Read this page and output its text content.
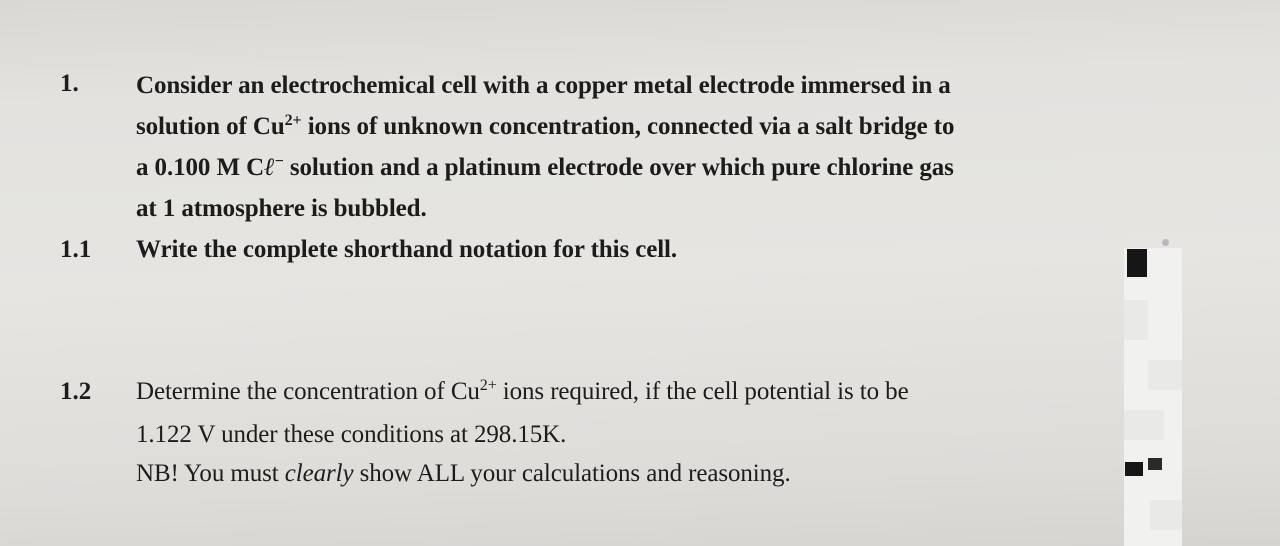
1. Consider an electrochemical cell with a copper metal electrode immersed in a
solution of $Cu^{2+}$ ions of unknown concentration, connected via a salt bridge to
a 0.100 M Cℓ− solution and a platinum electrode over which pure chlorine gas
at 1 atmosphere is bubbled.
1.1 Write the complete shorthand notation for this cell.
1.2 Determine the concentration of $Cu^{2+}$ ions required, if the cell potential is to be
1.122 V under these conditions at 298.15K.
NB! You must clearly show ALL your calculations and reasoning.
